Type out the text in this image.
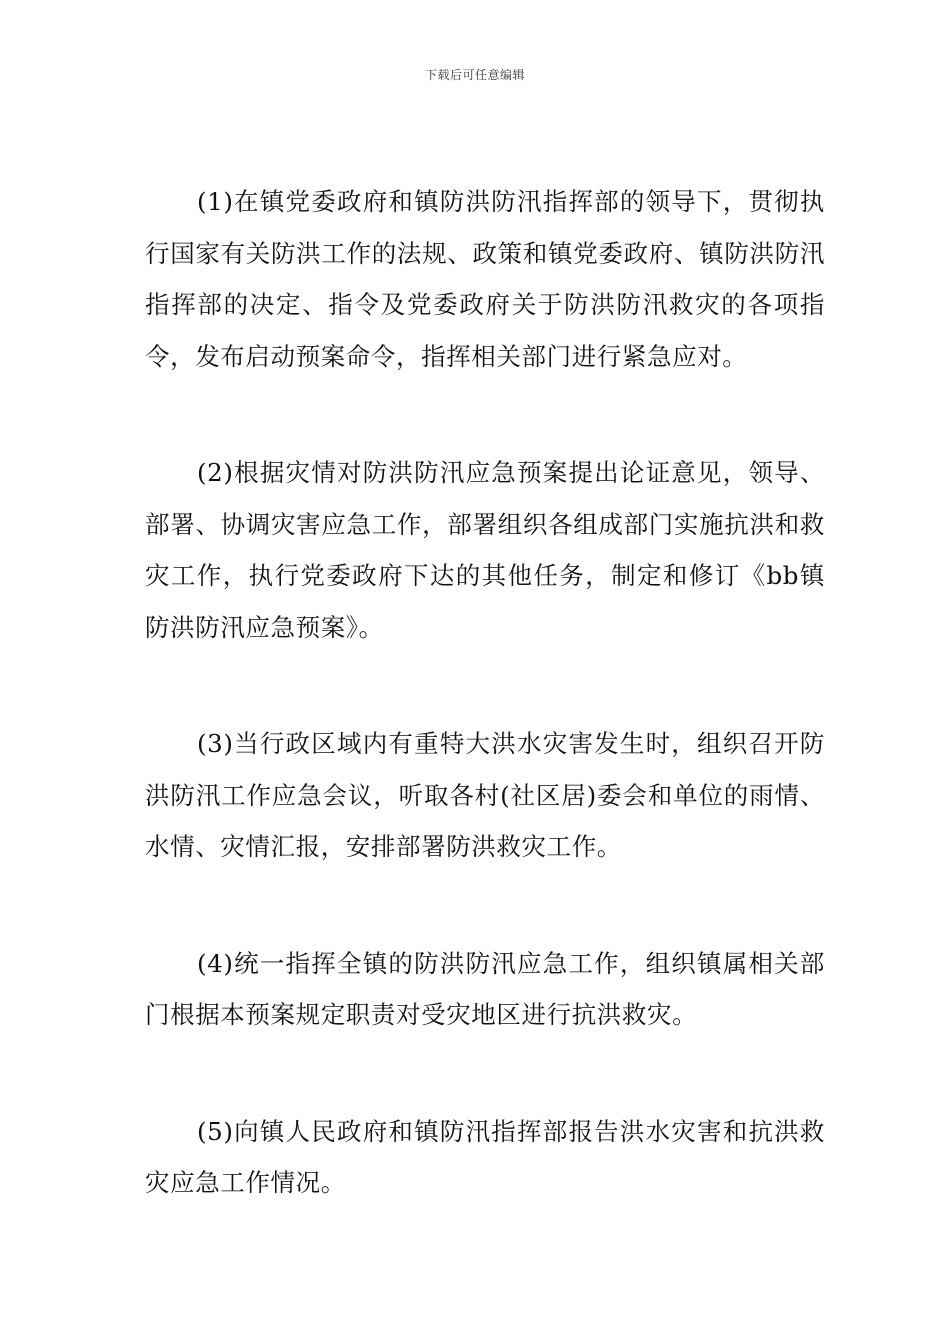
下载后可任意编辑

(1)在镇党委政府和镇防洪防汛指挥部的领导下，贯彻执行国家有关防洪工作的法规、政策和镇党委政府、镇防洪防汛指挥部的决定、指令及党委政府关于防洪防汛救灾的各项指令，发布启动预案命令，指挥相关部门进行紧急应对。

(2)根据灾情对防洪防汛应急预案提出论证意见，领导、部署、协调灾害应急工作，部署组织各组成部门实施抗洪和救灾工作，执行党委政府下达的其他任务，制定和修订《bb镇防洪防汛应急预案》。

(3)当行政区域内有重特大洪水灾害发生时，组织召开防洪防汛工作应急会议，听取各村(社区居)委会和单位的雨情、水情、灾情汇报，安排部署防洪救灾工作。

(4)统一指挥全镇的防洪防汛应急工作，组织镇属相关部门根据本预案规定职责对受灾地区进行抗洪救灾。

(5)向镇人民政府和镇防汛指挥部报告洪水灾害和抗洪救灾应急工作情况。
